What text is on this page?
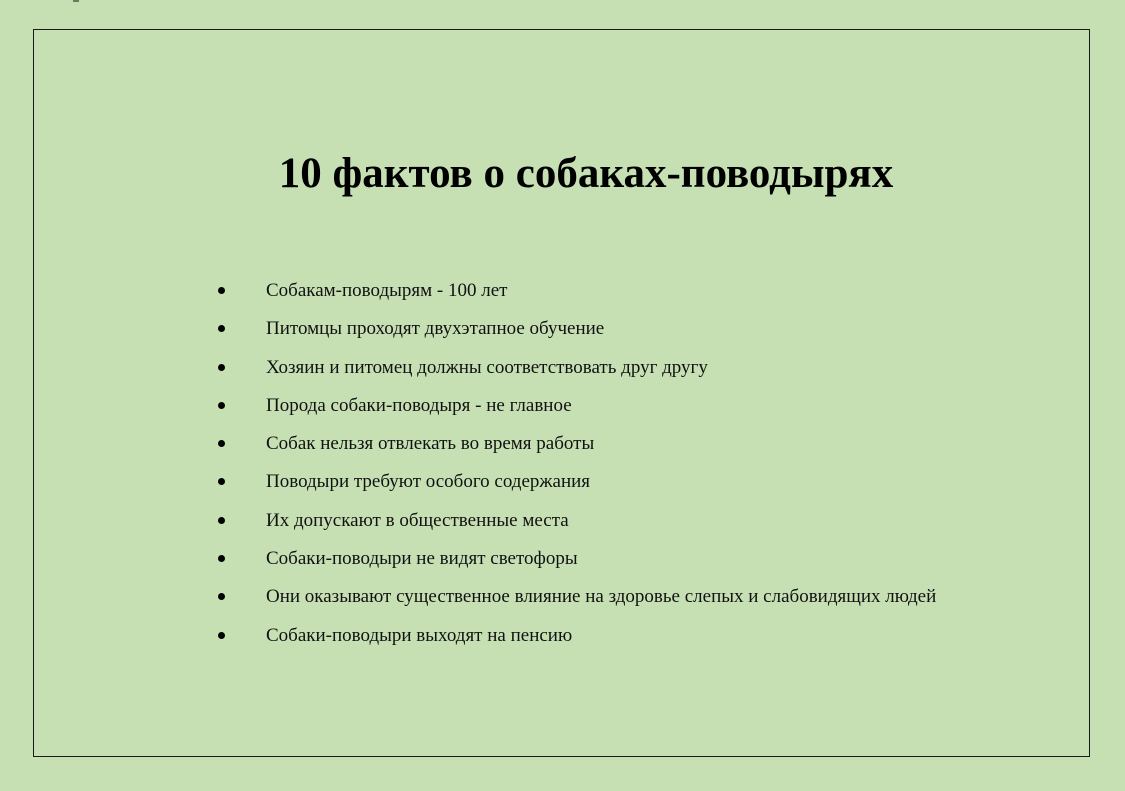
10 фактов о собаках-поводырях
Собакам-поводырям - 100 лет
Питомцы проходят двухэтапное обучение
Хозяин и питомец должны соответствовать друг другу
Порода собаки-поводыря - не главное
Собак нельзя отвлекать во время работы
Поводыри требуют особого содержания
Их допускают в общественные места
Собаки-поводыри не видят светофоры
Они оказывают существенное влияние на здоровье слепых и слабовидящих людей
Собаки-поводыри выходят на пенсию
